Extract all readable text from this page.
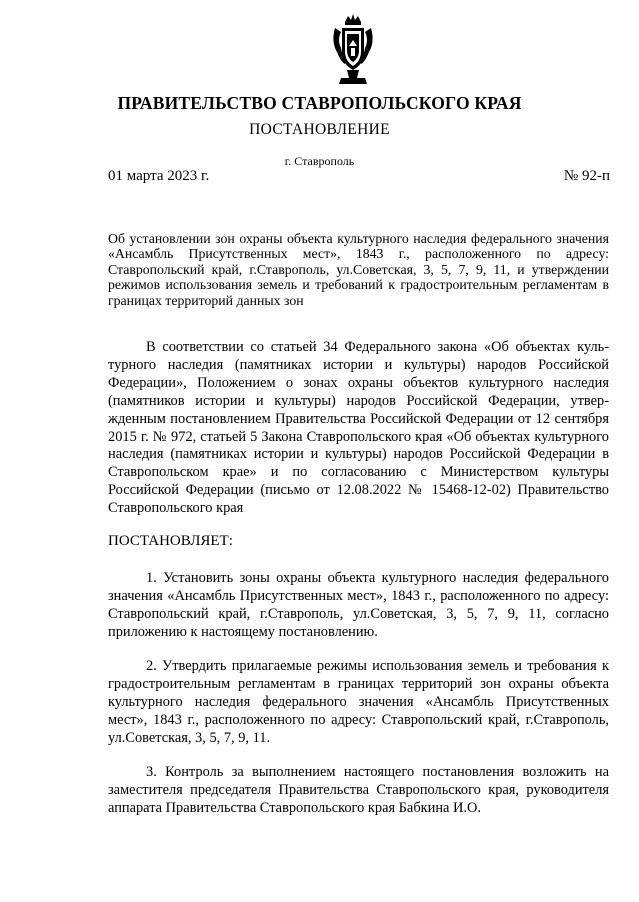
ПРАВИТЕЛЬСТВО СТАВРОПОЛЬСКОГО КРАЯ
ПОСТАНОВЛЕНИЕ
г. Ставрополь
01 марта 2023 г.	№ 92-п

Об установлении зон охраны объекта культурного наследия федерального значения «Ансамбль Присутственных мест», 1843 г., расположенного по адресу: Ставропольский край, г.Ставрополь, ул.Советская, 3, 5, 7, 9, 11, и утверждении режимов использования земель и требований к градостроительным регламентам в границах территорий данных зон

В соответствии со статьей 34 Федерального закона «Об объектах культурного наследия (памятниках истории и культуры) народов Российской Федерации», Положением о зонах охраны объектов культурного наследия (памятников истории и культуры) народов Российской Федерации, утвержденным постановлением Правительства Российской Федерации от 12 сентября 2015 г. № 972, статьей 5 Закона Ставропольского края «Об объектах культурного наследия (памятниках истории и культуры) народов Российской Федерации в Ставропольском крае» и по согласованию с Министерством культуры Российской Федерации (письмо от 12.08.2022 № 15468-12-02) Правительство Ставропольского края

ПОСТАНОВЛЯЕТ:

1. Установить зоны охраны объекта культурного наследия федерального значения «Ансамбль Присутственных мест», 1843 г., расположенного по адресу: Ставропольский край, г.Ставрополь, ул.Советская, 3, 5, 7, 9, 11, согласно приложению к настоящему постановлению.

2. Утвердить прилагаемые режимы использования земель и требования к градостроительным регламентам в границах территорий зон охраны объекта культурного наследия федерального значения «Ансамбль Присутственных мест», 1843 г., расположенного по адресу: Ставропольский край, г.Ставрополь, ул.Советская, 3, 5, 7, 9, 11.

3. Контроль за выполнением настоящего постановления возложить на заместителя председателя Правительства Ставропольского края, руководителя аппарата Правительства Ставропольского края Бабкина И.О.
